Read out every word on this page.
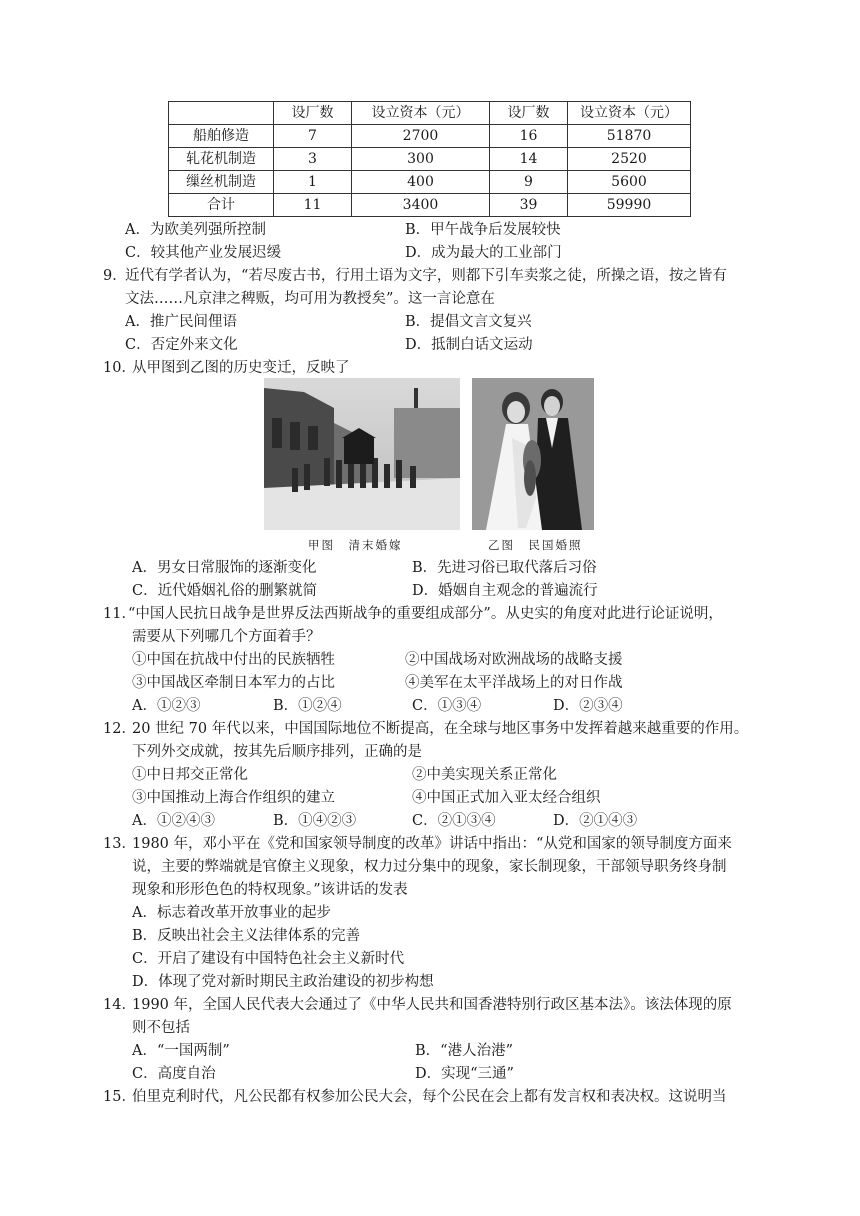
	设厂数	设立资本（元）	设厂数	设立资本（元）
船舶修造	7	2700	16	51870
轧花机制造	3	300	14	2520
缫丝机制造	1	400	9	5600
合计	11	3400	39	59990
A．为欧美列强所控制	B．甲午战争后发展较快
C．较其他产业发展迟缓	D．成为最大的工业部门
9．
近代有学者认为，“若尽废古书，行用土语为文字，则都下引车卖浆之徒，所操之语，按之皆有
文法……凡京津之稗贩，均可用为教授矣”。这一言论意在
A．推广民间俚语	B．提倡文言文复兴
C．否定外来文化	D．抵制白话文运动
10．
从甲图到乙图的历史变迁，反映了
甲图　清末婚嫁	乙图　民国婚照
A．男女日常服饰的逐渐变化	B．先进习俗已取代落后习俗
C．近代婚姻礼俗的删繁就简	D．婚姻自主观念的普遍流行
11．
“中国人民抗日战争是世界反法西斯战争的重要组成部分”。从史实的角度对此进行论证说明，
需要从下列哪几个方面着手？
①中国在抗战中付出的民族牺牲	②中国战场对欧洲战场的战略支援
③中国战区牵制日本军力的占比	④美军在太平洋战场上的对日作战
A．①②③	B．①②④	C．①③④	D．②③④
12．
20 世纪 70 年代以来，中国国际地位不断提高，在全球与地区事务中发挥着越来越重要的作用。
下列外交成就，按其先后顺序排列，正确的是
①中日邦交正常化	②中美实现关系正常化
③中国推动上海合作组织的建立	④中国正式加入亚太经合组织
A．①②④③	B．①④②③	C．②①③④	D．②①④③
13．
1980 年，邓小平在《党和国家领导制度的改革》讲话中指出：“从党和国家的领导制度方面来
说，主要的弊端就是官僚主义现象，权力过分集中的现象，家长制现象，干部领导职务终身制
现象和形形色色的特权现象。”该讲话的发表
A．标志着改革开放事业的起步
B．反映出社会主义法律体系的完善
C．开启了建设有中国特色社会主义新时代
D．体现了党对新时期民主政治建设的初步构想
14．
1990 年，全国人民代表大会通过了《中华人民共和国香港特别行政区基本法》。该法体现的原
则不包括
A．“一国两制”	B．“港人治港”
C．高度自治	D．实现“三通”
15．
伯里克利时代，凡公民都有权参加公民大会，每个公民在会上都有发言权和表决权。这说明当
